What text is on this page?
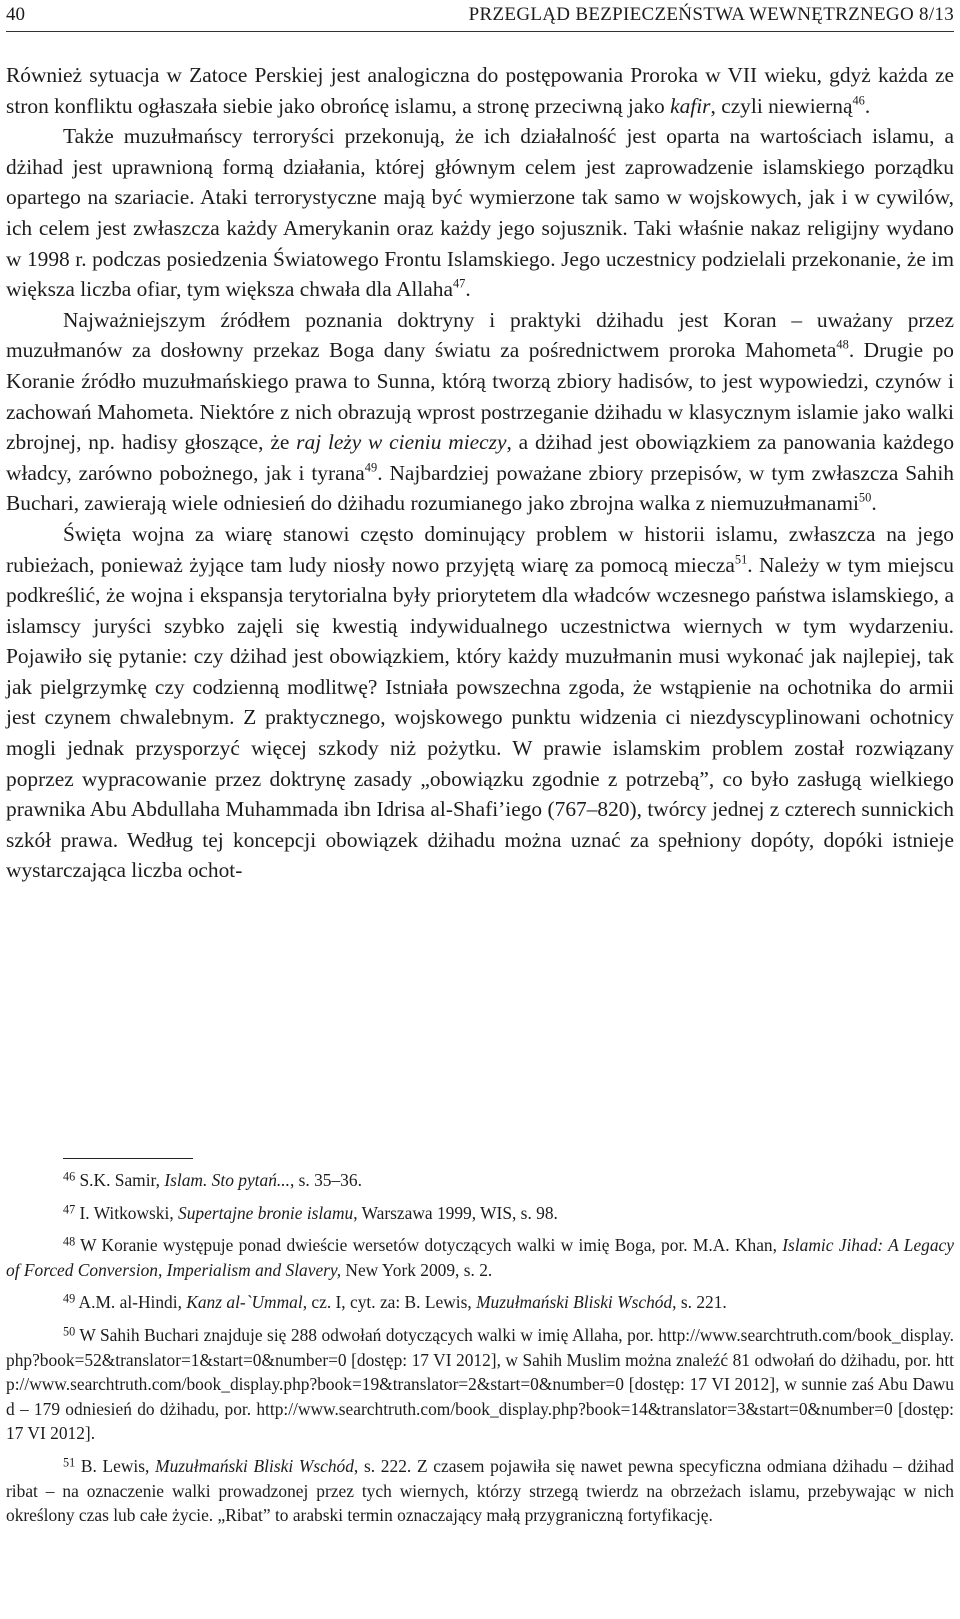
40	PRZEGLĄD BEZPIECZEŃSTWA WEWNĘTRZNEGO 8/13

Również sytuacja w Zatoce Perskiej jest analogiczna do postępowania Proroka w VII wieku, gdyż każda ze stron konfliktu ogłaszała siebie jako obrońcę islamu, a stronę przeciwną jako kafir, czyli niewierną$^{46}$.

Także muzułmańscy terroryści przekonują, że ich działalność jest oparta na wartościach islamu, a dżihad jest uprawnioną formą działania, której głównym celem jest zaprowadzenie islamskiego porządku opartego na szariacie. Ataki terrorystyczne mają być wymierzone tak samo w wojskowych, jak i w cywilów, ich celem jest zwłaszcza każdy Amerykanin oraz każdy jego sojusznik. Taki właśnie nakaz religijny wydano w 1998 r. podczas posiedzenia Światowego Frontu Islamskiego. Jego uczestnicy podzielali przekonanie, że im większa liczba ofiar, tym większa chwała dla Allaha$^{47}$.

Najważniejszym źródłem poznania doktryny i praktyki dżihadu jest Koran – uważany przez muzułmanów za dosłowny przekaz Boga dany światu za pośrednictwem proroka Mahometa$^{48}$. Drugie po Koranie źródło muzułmańskiego prawa to Sunna, którą tworzą zbiory hadisów, to jest wypowiedzi, czynów i zachowań Mahometa. Niektóre z nich obrazują wprost postrzeganie dżihadu w klasycznym islamie jako walki zbrojnej, np. hadisy głoszące, że raj leży w cieniu mieczy, a dżihad jest obowiązkiem za panowania każdego władcy, zarówno pobożnego, jak i tyrana$^{49}$. Najbardziej poważane zbiory przepisów, w tym zwłaszcza Sahih Buchari, zawierają wiele odniesień do dżihadu rozumianego jako zbrojna walka z niemuzułmanami$^{50}$.

Święta wojna za wiarę stanowi często dominujący problem w historii islamu, zwłaszcza na jego rubieżach, ponieważ żyjące tam ludy niosły nowo przyjętą wiarę za pomocą miecza$^{51}$. Należy w tym miejscu podkreślić, że wojna i ekspansja terytorialna były priorytetem dla władców wczesnego państwa islamskiego, a islamscy juryści szybko zajęli się kwestią indywidualnego uczestnictwa wiernych w tym wydarzeniu. Pojawiło się pytanie: czy dżihad jest obowiązkiem, który każdy muzułmanin musi wykonać jak najlepiej, tak jak pielgrzymkę czy codzienną modlitwę? Istniała powszechna zgoda, że wstąpienie na ochotnika do armii jest czynem chwalebnym. Z praktycznego, wojskowego punktu widzenia ci niezdyscyplinowani ochotnicy mogli jednak przysporzyć więcej szkody niż pożytku. W prawie islamskim problem został rozwiązany poprzez wypracowanie przez doktrynę zasady „obowiązku zgodnie z potrzebą”, co było zasługą wielkiego prawnika Abu Abdullaha Muhammada ibn Idrisa al-Shafi’iego (767–820), twórcy jednej z czterech sunnickich szkół prawa. Według tej koncepcji obowiązek dżihadu można uznać za spełniony dopóty, dopóki istnieje wystarczająca liczba ochot-

$^{46}$ S.K. Samir, Islam. Sto pytań..., s. 35–36.

$^{47}$ I. Witkowski, Supertajne bronie islamu, Warszawa 1999, WIS, s. 98.

$^{48}$ W Koranie występuje ponad dwieście wersetów dotyczących walki w imię Boga, por. M.A. Khan, Islamic Jihad: A Legacy of Forced Conversion, Imperialism and Slavery, New York 2009, s. 2.

$^{49}$ A.M. al-Hindi, Kanz al-`Ummal, cz. I, cyt. za: B. Lewis, Muzułmański Bliski Wschód, s. 221.

$^{50}$ W Sahih Buchari znajduje się 288 odwołań dotyczących walki w imię Allaha, por. http://www.searchtruth.com/book_display.php?book=52&translator=1&start=0&number=0 [dostęp: 17 VI 2012], w Sahih Muslim można znaleźć 81 odwołań do dżihadu, por. http://www.searchtruth.com/book_display.php?book=19&translator=2&start=0&number=0 [dostęp: 17 VI 2012], w sunnie zaś Abu Dawud – 179 odniesień do dżihadu, por. http://www.searchtruth.com/book_display.php?book=14&translator=3&start=0&number=0 [dostęp: 17 VI 2012].

$^{51}$ B. Lewis, Muzułmański Bliski Wschód, s. 222. Z czasem pojawiła się nawet pewna specyficzna odmiana dżihadu – dżihad ribat – na oznaczenie walki prowadzonej przez tych wiernych, którzy strzegą twierdz na obrzeżach islamu, przebywając w nich określony czas lub całe życie. „Ribat” to arabski termin oznaczający małą przygraniczną fortyfikację.
